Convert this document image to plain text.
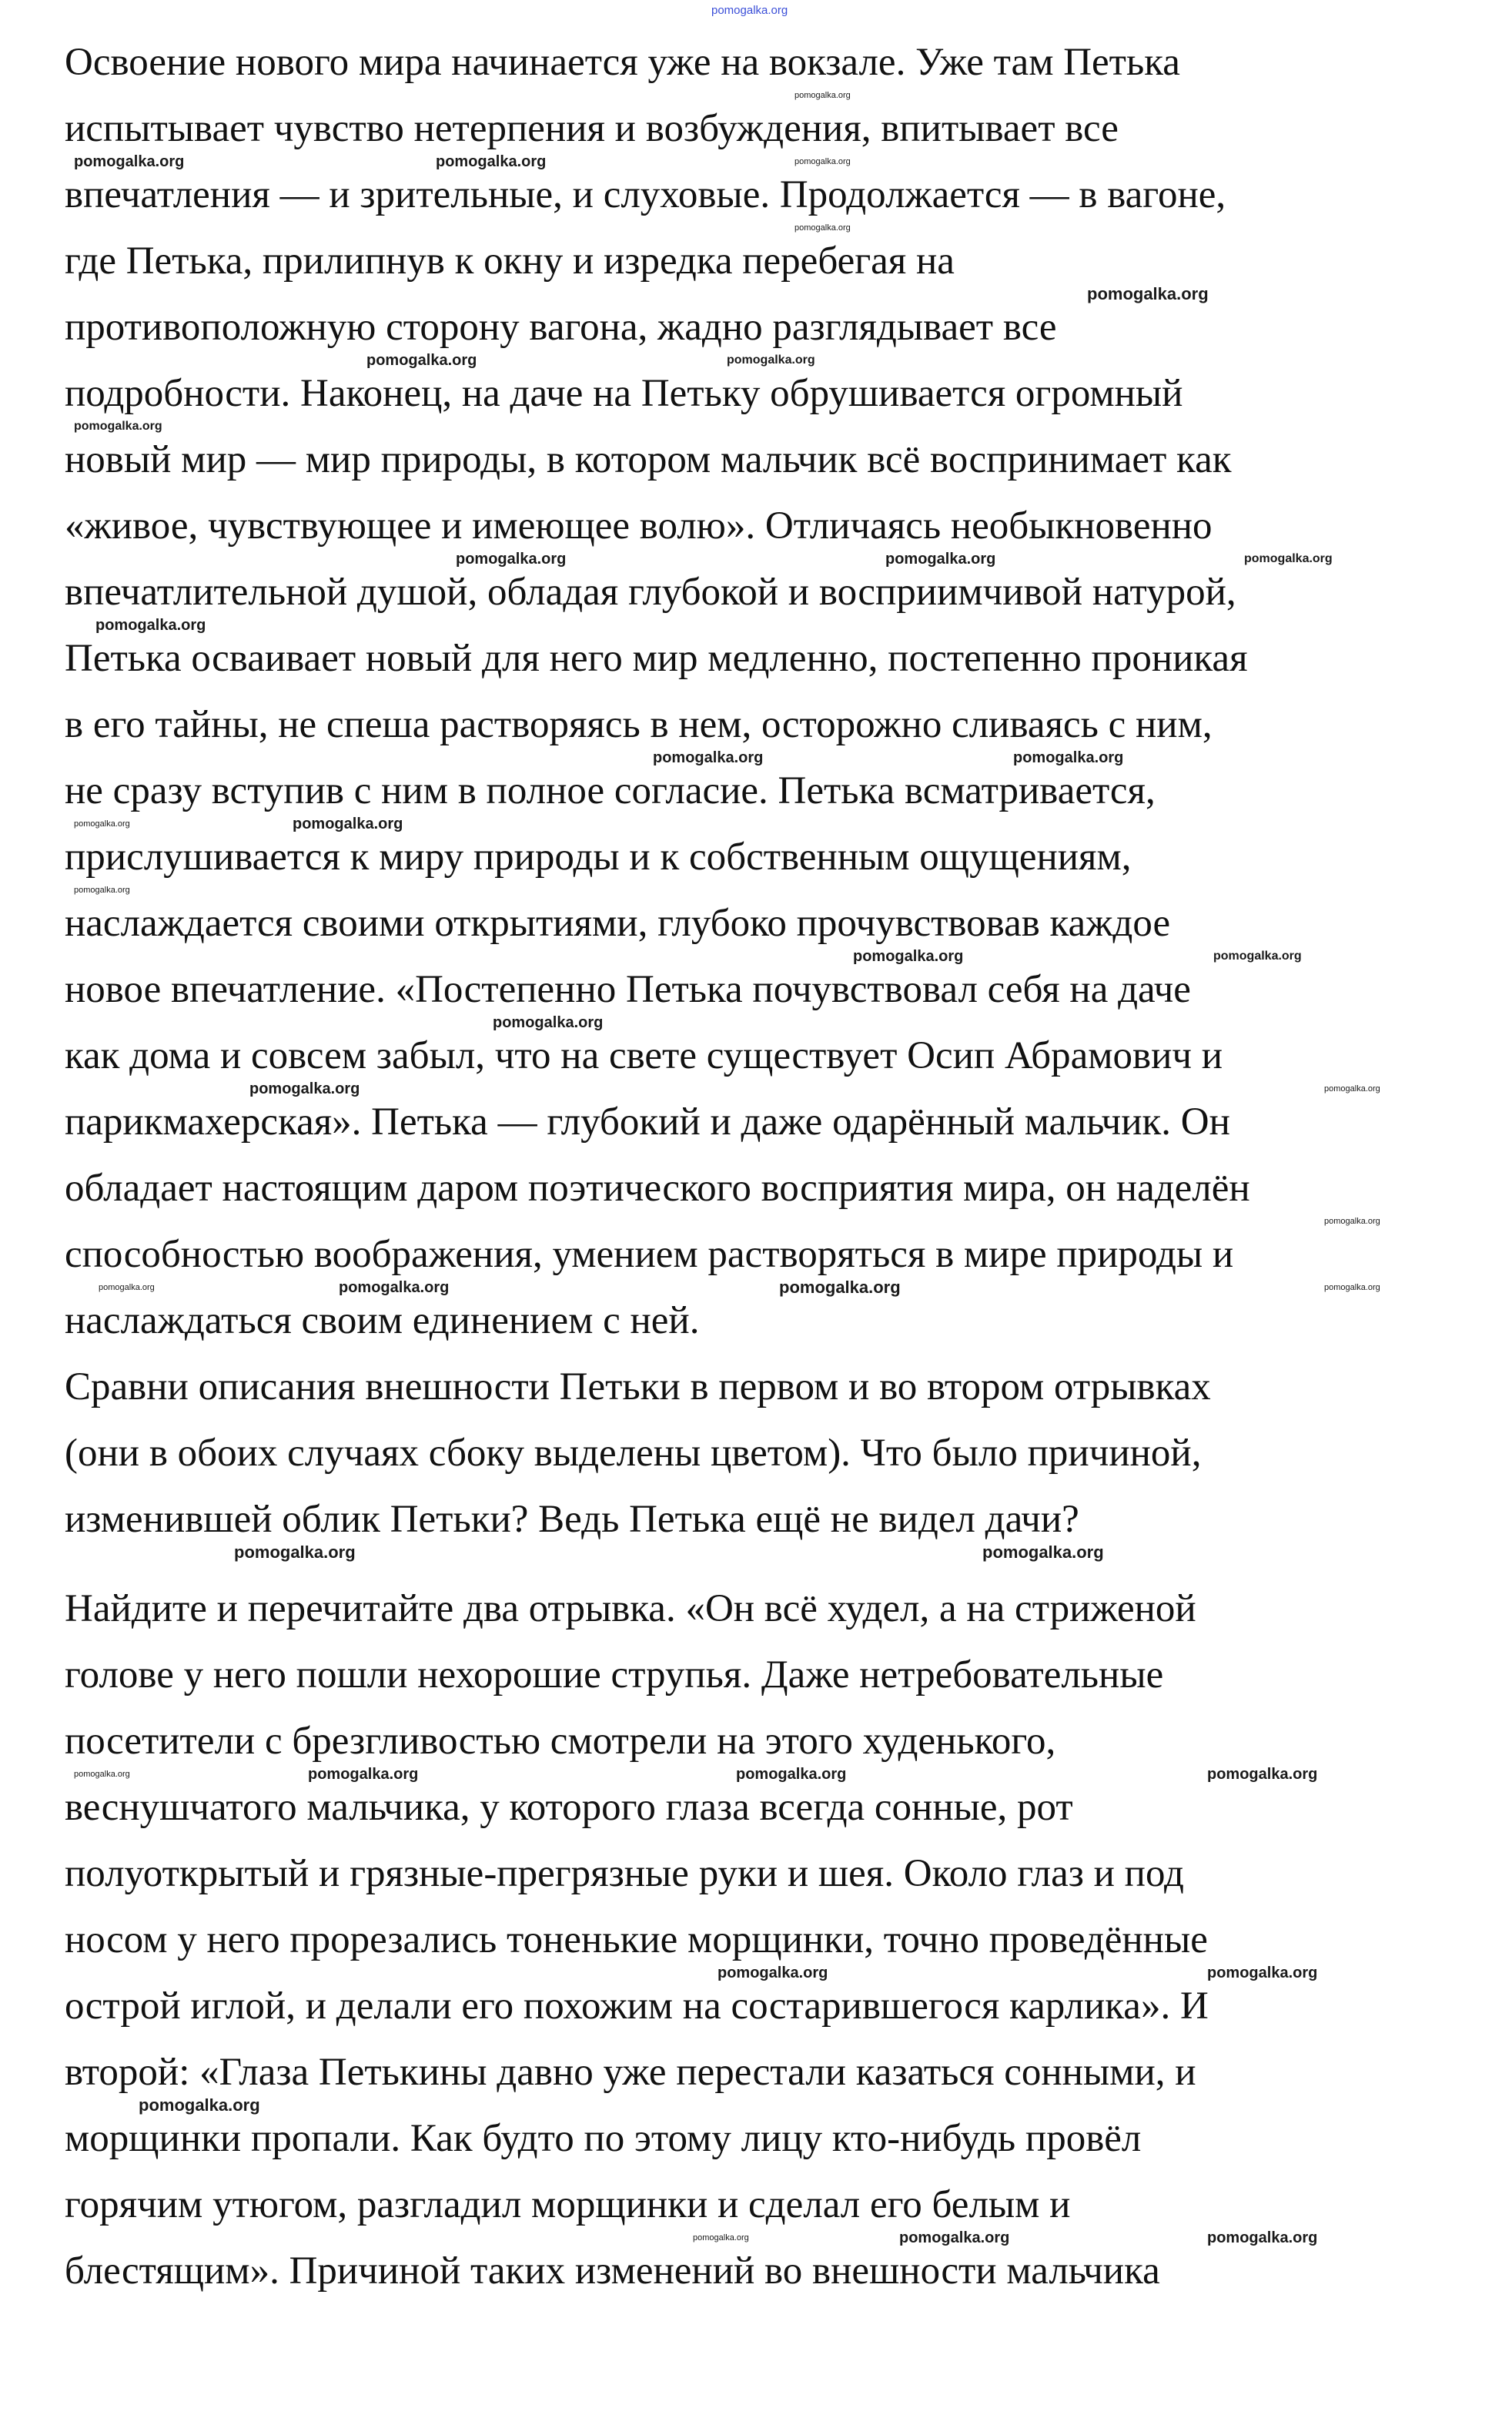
Освоение нового мира начинается уже на вокзале. Уже там Петька
испытывает чувство нетерпения и возбуждения, впитывает все
впечатления — и зрительные, и слуховые. Продолжается — в вагоне,
где Петька, прилипнув к окну и изредка перебегая на
противоположную сторону вагона, жадно разглядывает все
подробности. Наконец, на даче на Петьку обрушивается огромный
новый мир — мир природы, в котором мальчик всё воспринимает как
«живое, чувствующее и имеющее волю». Отличаясь необыкновенно
впечатлительной душой, обладая глубокой и восприимчивой натурой,
Петька осваивает новый для него мир медленно, постепенно проникая
в его тайны, не спеша растворяясь в нем, осторожно сливаясь с ним,
не сразу вступив с ним в полное согласие. Петька всматривается,
прислушивается к миру природы и к собственным ощущениям,
наслаждается своими открытиями, глубоко прочувствовав каждое
новое впечатление. «Постепенно Петька почувствовал себя на даче
как дома и совсем забыл, что на свете существует Осип Абрамович и
парикмахерская». Петька — глубокий и даже одарённый мальчик. Он
обладает настоящим даром поэтического восприятия мира, он наделён
способностью воображения, умением растворяться в мире природы и
наслаждаться своим единением с ней.
Сравни описания внешности Петьки в первом и во втором отрывках
(они в обоих случаях сбоку выделены цветом). Что было причиной,
изменившей облик Петьки? Ведь Петька ещё не видел дачи?
Найдите и перечитайте два отрывка. «Он всё худел, а на стриженой
голове у него пошли нехорошие струпья. Даже нетребовательные
посетители с брезгливостью смотрели на этого худенького,
веснушчатого мальчика, у которого глаза всегда сонные, рот
полуоткрытый и грязные-прегрязные руки и шея. Около глаз и под
носом у него прорезались тоненькие морщинки, точно проведённые
острой иглой, и делали его похожим на состарившегося карлика». И
второй: «Глаза Петькины давно уже перестали казаться сонными, и
морщинки пропали. Как будто по этому лицу кто-нибудь провёл
горячим утюгом, разгладил морщинки и сделал его белым и
блестящим». Причиной таких изменений во внешности мальчика
pomogalka.org
pomogalka.org
pomogalka.org	pomogalka.org	pomogalka.org
pomogalka.org
pomogalka.org
pomogalka.org	pomogalka.org
pomogalka.org
pomogalka.org	pomogalka.org	pomogalka.org
pomogalka.org
pomogalka.org	pomogalka.org
pomogalka.org	pomogalka.org
pomogalka.org
pomogalka.org	pomogalka.org
pomogalka.org
pomogalka.org	pomogalka.org
pomogalka.org
pomogalka.org	pomogalka.org	pomogalka.org	pomogalka.org
pomogalka.org	pomogalka.org
pomogalka.org	pomogalka.org	pomogalka.org	pomogalka.org
pomogalka.org	pomogalka.org
pomogalka.org
pomogalka.org	pomogalka.org	pomogalka.org
